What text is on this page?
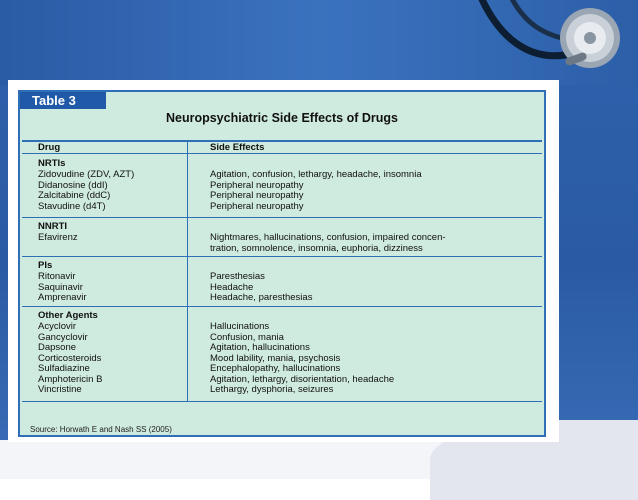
Table 3
Neuropsychiatric Side Effects of Drugs
Drug	Side Effects
NRTIs
Zidovudine (ZDV, AZT)
Didanosine (ddI)
Zalcitabine (ddC)
Stavudine (d4T)
Agitation, confusion, lethargy, headache, insomnia
Peripheral neuropathy
Peripheral neuropathy
Peripheral neuropathy
NNRTI
Efavirenz	Nightmares, hallucinations, confusion, impaired concen-
tration, somnolence, insomnia, euphoria, dizziness
PIs
Ritonavir
Saquinavir
Amprenavir
Paresthesias
Headache
Headache, paresthesias
Other Agents
Acyclovir
Gancyclovir
Dapsone
Corticosteroids
Sulfadiazine
Amphotericin B
Vincristine
Hallucinations
Confusion, mania
Agitation, hallucinations
Mood lability, mania, psychosis
Encephalopathy, hallucinations
Agitation, lethargy, disorientation, headache
Lethargy, dysphoria, seizures
Source: Horwath E and Nash SS (2005)
